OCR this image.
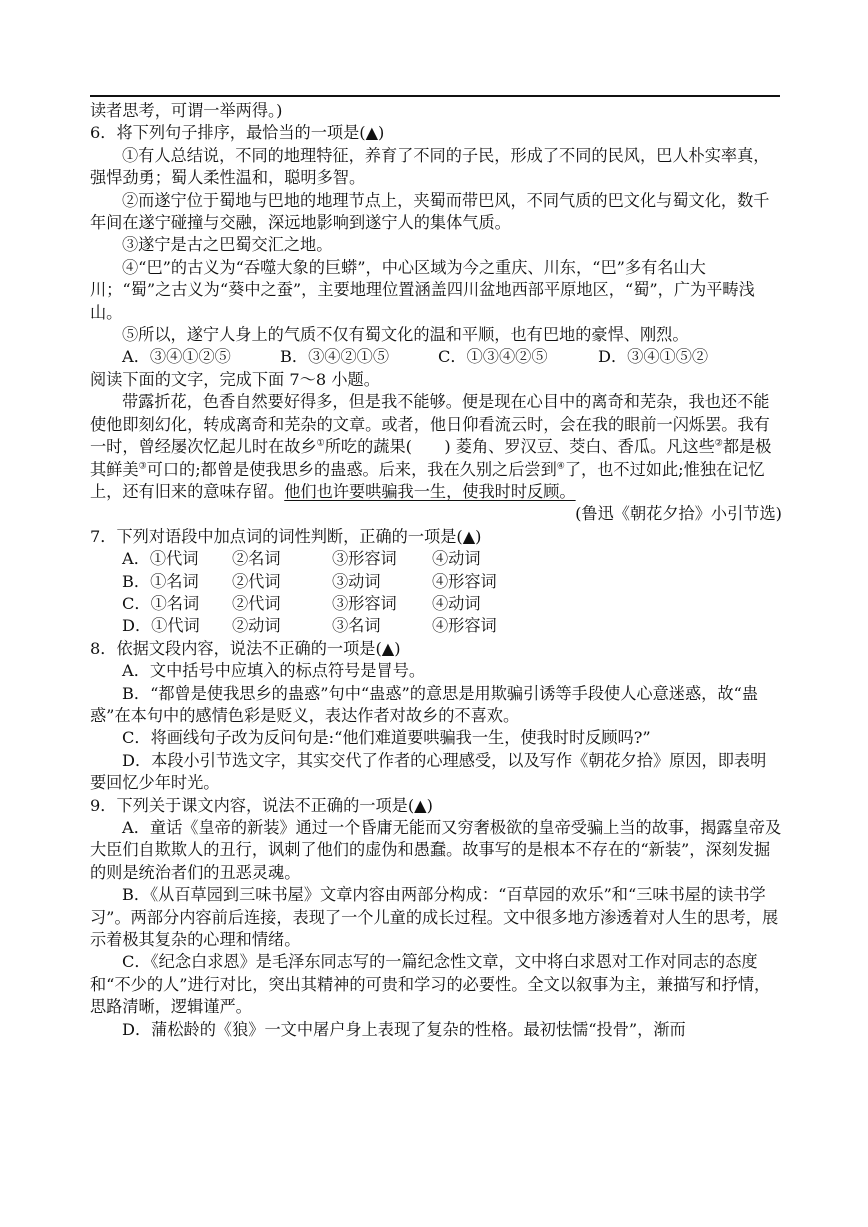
读者思考，可谓一举两得。)

6．将下列句子排序，最恰当的一项是(▲)

①有人总结说，不同的地理特征，养育了不同的子民，形成了不同的民风，巴人朴实率真，强悍劲勇；蜀人柔性温和，聪明多智。

②而遂宁位于蜀地与巴地的地理节点上，夹蜀而带巴风，不同气质的巴文化与蜀文化，数千年间在遂宁碰撞与交融，深远地影响到遂宁人的集体气质。

③遂宁是古之巴蜀交汇之地。

④“巴”的古义为“吞噬大象的巨蟒”，中心区域为今之重庆、川东，“巴”多有名山大川；“蜀”之古义为“葵中之蚕”，主要地理位置涵盖四川盆地西部平原地区，“蜀”，广为平畴浅山。

⑤所以，遂宁人身上的气质不仅有蜀文化的温和平顺，也有巴地的豪悍、刚烈。

A．③④①②⑤	B．③④②①⑤	C．①③④②⑤	D．③④①⑤②

阅读下面的文字，完成下面 7～8 小题。

带露折花，色香自然要好得多，但是我不能够。便是现在心目中的离奇和芜杂，我也还不能使他即刻幻化，转成离奇和芜杂的文章。或者，他日仰看流云时，会在我的眼前一闪烁罢。我有一时，曾经屡次忆起儿时在故乡①所吃的蔬果(　　) 菱角、罗汉豆、茭白、香瓜。凡这些②都是极其鲜美③可口的;都曾是使我思乡的蛊惑。后来，我在久别之后尝到④了，也不过如此;惟独在记忆上，还有旧来的意味存留。他们也许要哄骗我一生，使我时时反顾。

(鲁迅《朝花夕拾》小引节选)

7．下列对语段中加点词的词性判断，正确的一项是(▲)

A．①代词	②名词	③形容词	④动词
B．①名词	②代词	③动词	④形容词
C．①名词	②代词	③形容词	④动词
D．①代词	②动词	③名词	④形容词

8．依据文段内容，说法不正确的一项是(▲)

A．文中括号中应填入的标点符号是冒号。

B．“都曾是使我思乡的蛊惑”句中“蛊惑”的意思是用欺骗引诱等手段使人心意迷惑，故“蛊惑”在本句中的感情色彩是贬义，表达作者对故乡的不喜欢。

C．将画线句子改为反问句是:“他们难道要哄骗我一生，使我时时反顾吗?”

D．本段小引节选文字，其实交代了作者的心理感受，以及写作《朝花夕拾》原因，即表明要回忆少年时光。

9．下列关于课文内容，说法不正确的一项是(▲)

A．童话《皇帝的新装》通过一个昏庸无能而又穷奢极欲的皇帝受骗上当的故事，揭露皇帝及大臣们自欺欺人的丑行，讽刺了他们的虚伪和愚蠢。故事写的是根本不存在的“新装”，深刻发掘的则是统治者们的丑恶灵魂。

B．《从百草园到三味书屋》文章内容由两部分构成：“百草园的欢乐”和“三味书屋的读书学习”。两部分内容前后连接，表现了一个儿童的成长过程。文中很多地方渗透着对人生的思考，展示着极其复杂的心理和情绪。

C．《纪念白求恩》是毛泽东同志写的一篇纪念性文章，文中将白求恩对工作对同志的态度和“不少的人”进行对比，突出其精神的可贵和学习的必要性。全文以叙事为主，兼描写和抒情，思路清晰，逻辑谨严。

D．蒲松龄的《狼》一文中屠户身上表现了复杂的性格。最初怯懦“投骨”，渐而
